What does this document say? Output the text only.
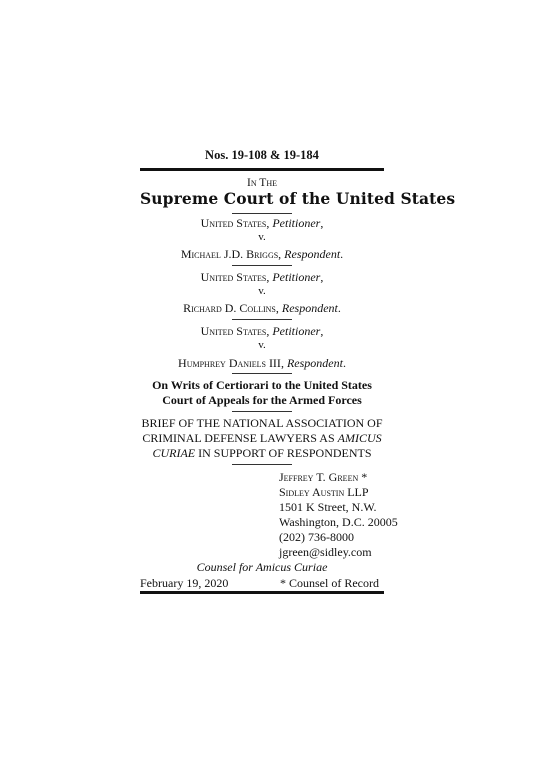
Nos. 19-108 & 19-184
In The
Supreme Court of the United States
United States, Petitioner,
v.
Michael J.D. Briggs, Respondent.
United States, Petitioner,
v.
Richard D. Collins, Respondent.
United States, Petitioner,
v.
Humphrey Daniels III, Respondent.
On Writs of Certiorari to the United States
Court of Appeals for the Armed Forces
BRIEF OF THE NATIONAL ASSOCIATION OF
CRIMINAL DEFENSE LAWYERS AS AMICUS
CURIAE IN SUPPORT OF RESPONDENTS
Jeffrey T. Green *
Sidley Austin LLP
1501 K Street, N.W.
Washington, D.C. 20005
(202) 736-8000
jgreen@sidley.com
Counsel for Amicus Curiae
February 19, 2020	* Counsel of Record
